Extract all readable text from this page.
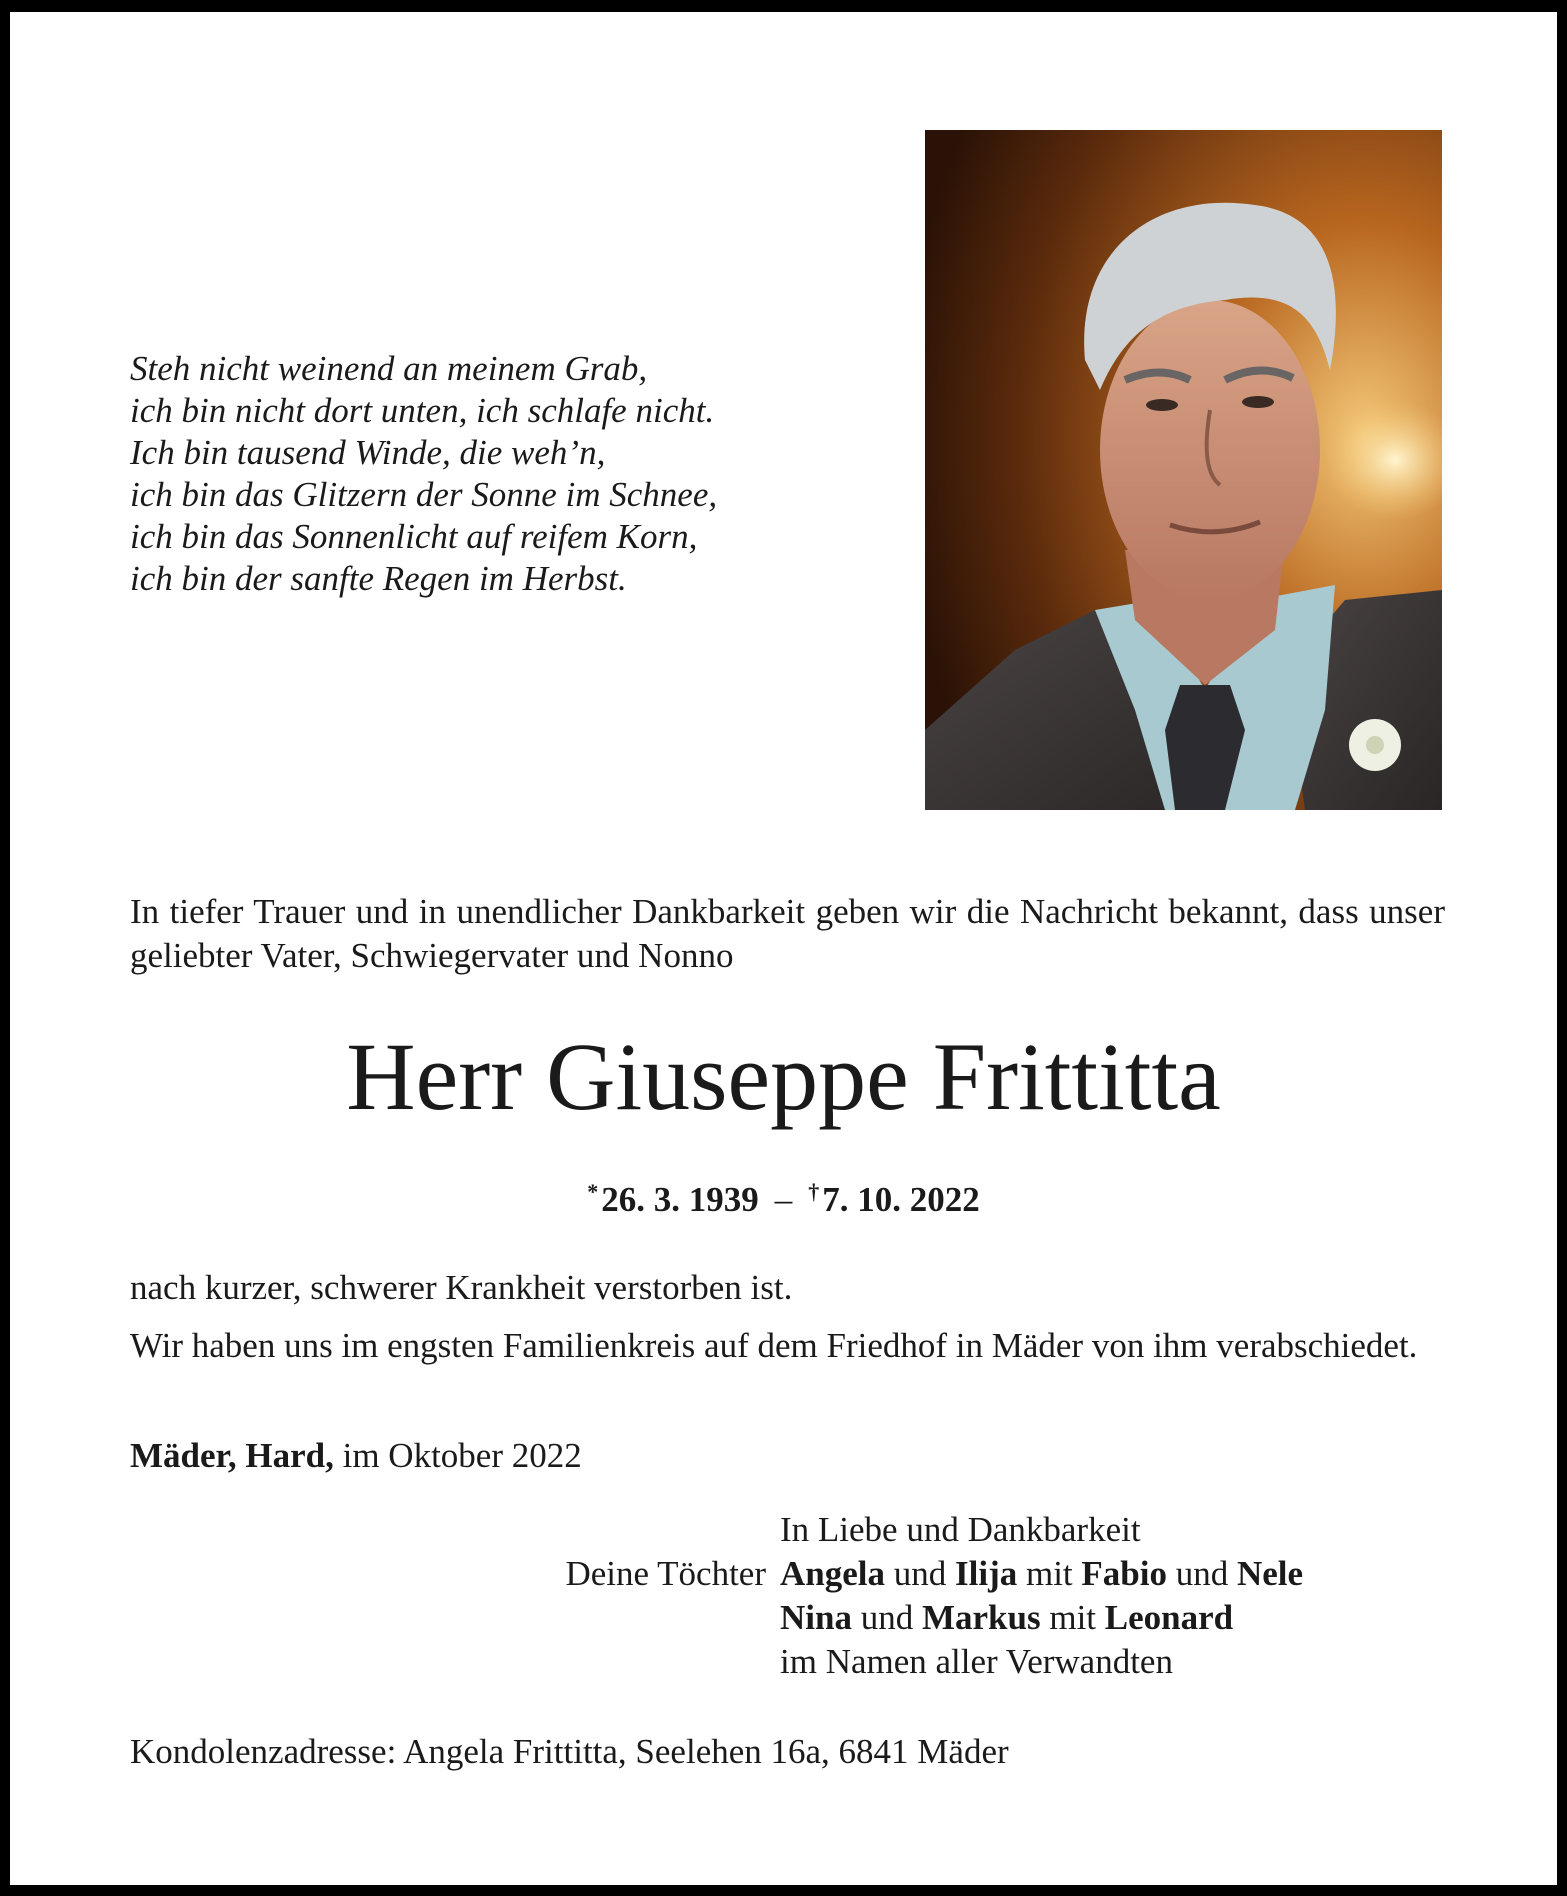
Steh nicht weinend an meinem Grab,
ich bin nicht dort unten, ich schlafe nicht.
Ich bin tausend Winde, die weh’n,
ich bin das Glitzern der Sonne im Schnee,
ich bin das Sonnenlicht auf reifem Korn,
ich bin der sanfte Regen im Herbst.
In tiefer Trauer und in unendlicher Dankbarkeit geben wir die Nachricht bekannt, dass unser geliebter Vater, Schwiegervater und Nonno
Herr Giuseppe Frittitta
*26. 3. 1939 – †7. 10. 2022
nach kurzer, schwerer Krankheit verstorben ist.
Wir haben uns im engsten Familienkreis auf dem Friedhof in Mäder von ihm verabschiedet.
Mäder, Hard, im Oktober 2022
Deine Töchter
In Liebe und Dankbarkeit
Angela und Ilija mit Fabio und Nele
Nina und Markus mit Leonard
im Namen aller Verwandten
Kondolenzadresse: Angela Frittitta, Seelehen 16a, 6841 Mäder
